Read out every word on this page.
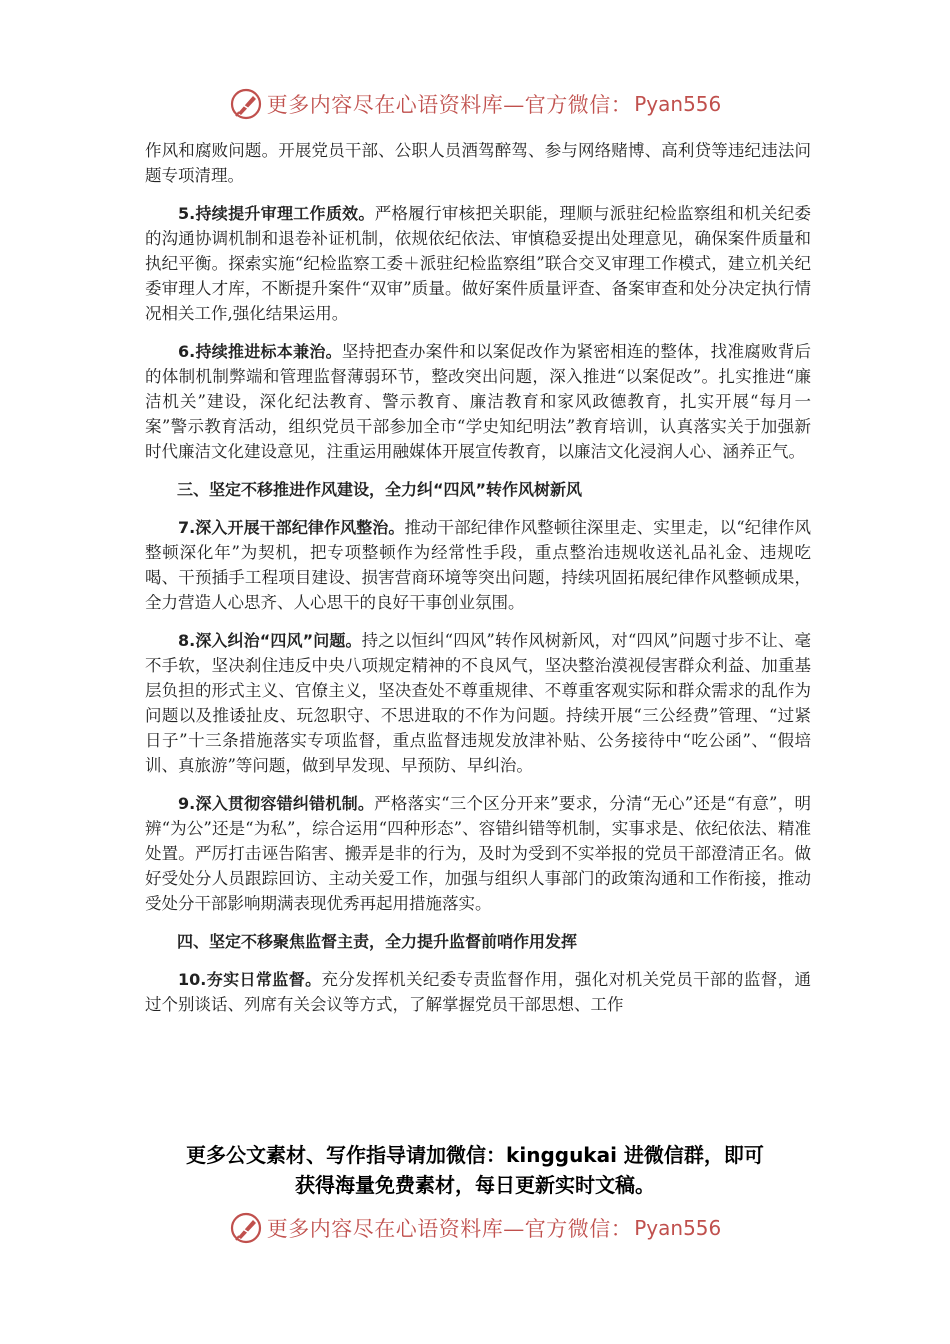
更多内容尽在心语资料库—官方微信： Pyan556

作风和腐败问题。开展党员干部、公职人员酒驾醉驾、参与网络赌博、高利贷等违纪违法问题专项清理。

5.持续提升审理工作质效。严格履行审核把关职能，理顺与派驻纪检监察组和机关纪委的沟通协调机制和退卷补证机制，依规依纪依法、审慎稳妥提出处理意见，确保案件质量和执纪平衡。探索实施“纪检监察工委＋派驻纪检监察组”联合交叉审理工作模式，建立机关纪委审理人才库，不断提升案件“双审”质量。做好案件质量评查、备案审查和处分决定执行情况相关工作,强化结果运用。

6.持续推进标本兼治。坚持把查办案件和以案促改作为紧密相连的整体，找准腐败背后的体制机制弊端和管理监督薄弱环节，整改突出问题，深入推进“以案促改”。扎实推进“廉洁机关”建设，深化纪法教育、警示教育、廉洁教育和家风政德教育，扎实开展“每月一案”警示教育活动，组织党员干部参加全市“学史知纪明法”教育培训，认真落实关于加强新时代廉洁文化建设意见，注重运用融媒体开展宣传教育，以廉洁文化浸润人心、涵养正气。

三、坚定不移推进作风建设，全力纠“四风”转作风树新风

7.深入开展干部纪律作风整治。推动干部纪律作风整顿往深里走、实里走，以“纪律作风整顿深化年”为契机，把专项整顿作为经常性手段，重点整治违规收送礼品礼金、违规吃喝、干预插手工程项目建设、损害营商环境等突出问题，持续巩固拓展纪律作风整顿成果，全力营造人心思齐、人心思干的良好干事创业氛围。

8.深入纠治“四风”问题。持之以恒纠“四风”转作风树新风，对“四风”问题寸步不让、毫不手软，坚决刹住违反中央八项规定精神的不良风气，坚决整治漠视侵害群众利益、加重基层负担的形式主义、官僚主义，坚决查处不尊重规律、不尊重客观实际和群众需求的乱作为问题以及推诿扯皮、玩忽职守、不思进取的不作为问题。持续开展“三公经费”管理、“过紧日子”十三条措施落实专项监督，重点监督违规发放津补贴、公务接待中“吃公函”、“假培训、真旅游”等问题，做到早发现、早预防、早纠治。

9.深入贯彻容错纠错机制。严格落实“三个区分开来”要求，分清“无心”还是“有意”，明辨“为公”还是“为私”，综合运用“四种形态”、容错纠错等机制，实事求是、依纪依法、精准处置。严厉打击诬告陷害、搬弄是非的行为，及时为受到不实举报的党员干部澄清正名。做好受处分人员跟踪回访、主动关爱工作，加强与组织人事部门的政策沟通和工作衔接，推动受处分干部影响期满表现优秀再起用措施落实。

四、坚定不移聚焦监督主责，全力提升监督前哨作用发挥

10.夯实日常监督。充分发挥机关纪委专责监督作用，强化对机关党员干部的监督，通过个别谈话、列席有关会议等方式，了解掌握党员干部思想、工作

更多公文素材、写作指导请加微信：kinggukai 进微信群，即可
获得海量免费素材，每日更新实时文稿。
更多内容尽在心语资料库—官方微信： Pyan556
